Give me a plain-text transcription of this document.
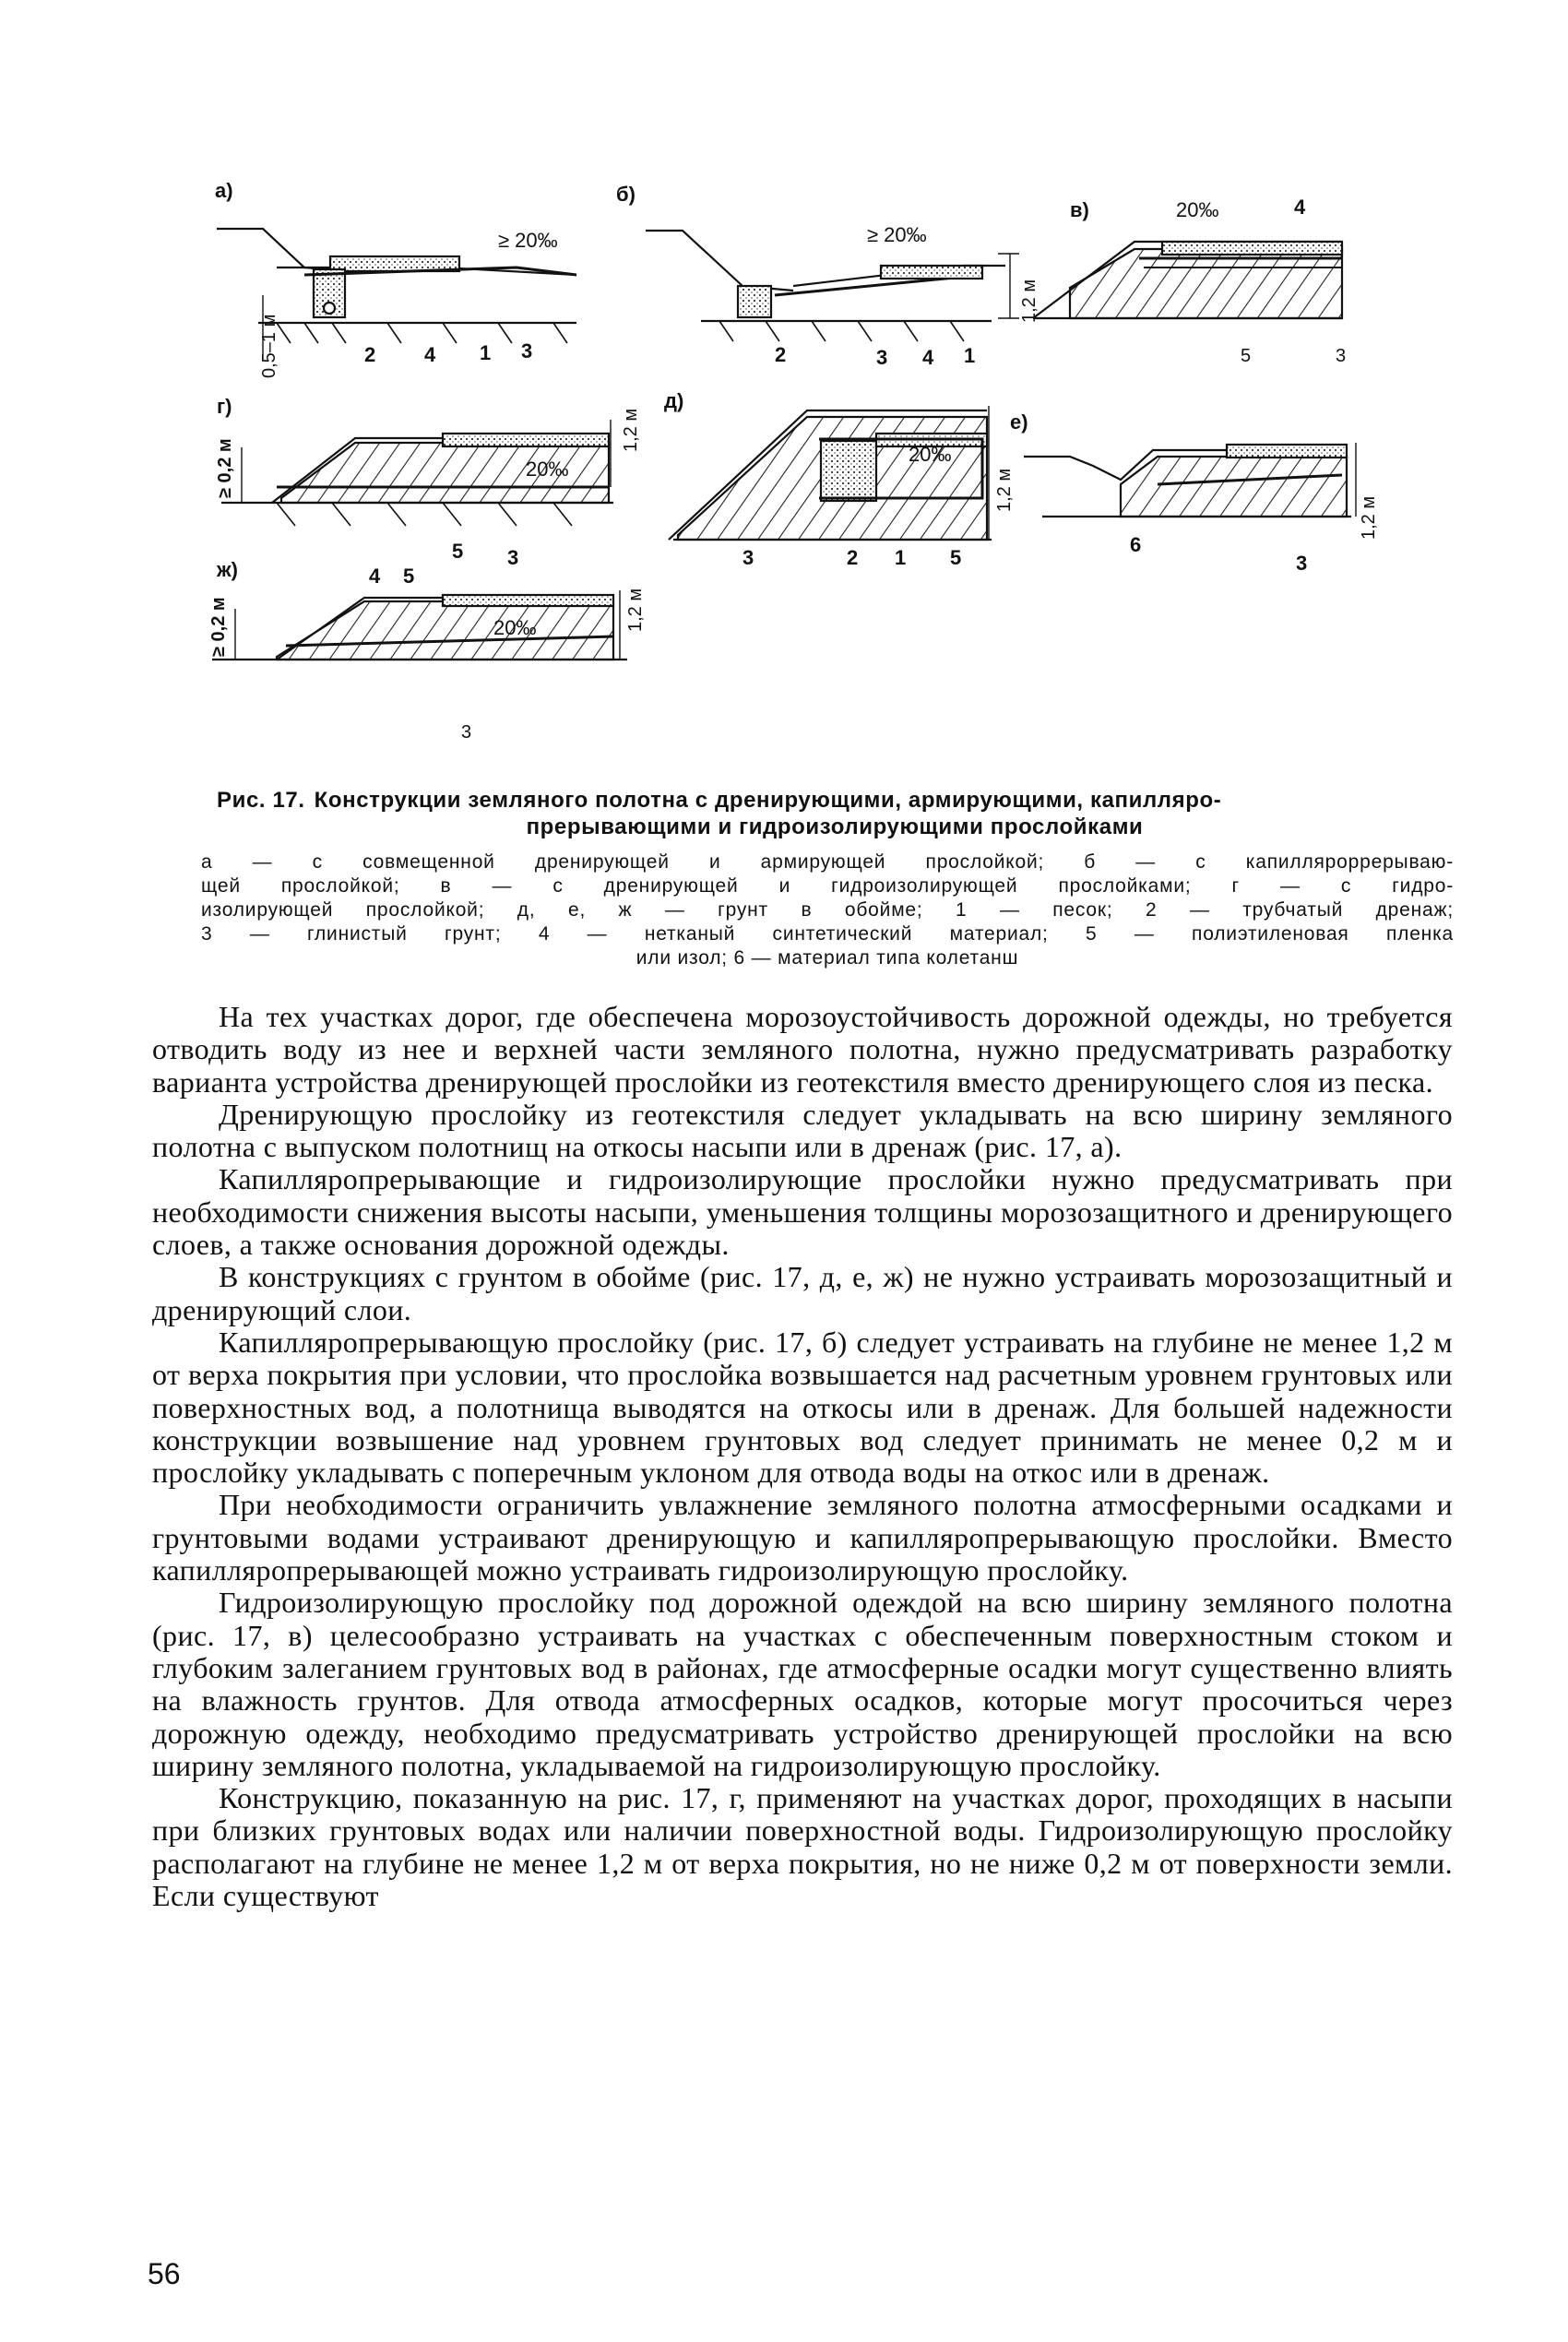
а)	б)
в)
г)	д)
е)
ж)
≥ 20‰	≥ 20‰
20‰
20‰
20‰
20‰
0,5–1 м
1,2 м
1,2 м
≥ 0,2 м	1,2 м
1,2 м
1,2 м
≥ 0,2 м
2 4 1 3	2	3 4 1
4
5	3
5 3	3	2 1 5
6
3
4 5
3
Рис. 17. Конструкции земляного полотна с дренирующими, армирующими, капилляро-
прерывающими и гидроизолирующими прослойками

а — с совмещенной дренирующей и армирующей прослойкой; б — с капиллярopрерываю-

щей прослойкой; в — с дренирующей и гидроизолирующей прослойками; г — с гидро-

изолирующей прослойкой; д, е, ж — грунт в обойме; 1 — песок; 2 — трубчатый дренаж;

3 — глинистый грунт; 4 — нетканый синтетический материал; 5 — полиэтиленовая пленка

или изол; 6 — материал типа колетанш

На тех участках дорог, где обеспечена морозоустойчивость дорожной одежды, но требуется отводить воду из нее и верхней части земляного полотна, нужно предусматривать разработку варианта устройства дренирующей прослойки из геотекстиля вместо дренирующего слоя из песка.

Дренирующую прослойку из геотекстиля следует укладывать на всю ширину земляного полотна с выпуском полотнищ на откосы насыпи или в дренаж (рис. 17, а).

Капилляропрерывающие и гидроизолирующие прослойки нужно предусматривать при необходимости снижения высоты насыпи, уменьшения толщины морозозащитного и дренирующего слоев, а также основания дорожной одежды.

В конструкциях с грунтом в обойме (рис. 17, д, е, ж) не нужно устраивать морозозащитный и дренирующий слои.

Капилляропрерывающую прослойку (рис. 17, б) следует устраивать на глубине не менее 1,2 м от верха покрытия при условии, что прослойка возвышается над расчетным уровнем грунтовых или поверхностных вод, а полотнища выводятся на откосы или в дренаж. Для большей надежности конструкции возвышение над уровнем грунтовых вод следует принимать не менее 0,2 м и прослойку укладывать с поперечным уклоном для отвода воды на откос или в дренаж.

При необходимости ограничить увлажнение земляного полотна атмосферными осадками и грунтовыми водами устраивают дренирующую и капилляропрерывающую прослойки. Вместо капилляропрерывающей можно устраивать гидроизолирующую прослойку.

Гидроизолирующую прослойку под дорожной одеждой на всю ширину земляного полотна (рис. 17, в) целесообразно устраивать на участках с обеспеченным поверхностным стоком и глубоким залеганием грунтовых вод в районах, где атмосферные осадки могут существенно влиять на влажность грунтов. Для отвода атмосферных осадков, которые могут просочиться через дорожную одежду, необходимо предусматривать устройство дренирующей прослойки на всю ширину земляного полотна, укладываемой на гидроизолирующую прослойку.

Конструкцию, показанную на рис. 17, г, применяют на участках дорог, проходящих в насыпи при близких грунтовых водах или наличии поверхностной воды. Гидроизолирующую прослойку располагают на глубине не менее 1,2 м от верха покрытия, но не ниже 0,2 м от поверхности земли. Если существуют

56
